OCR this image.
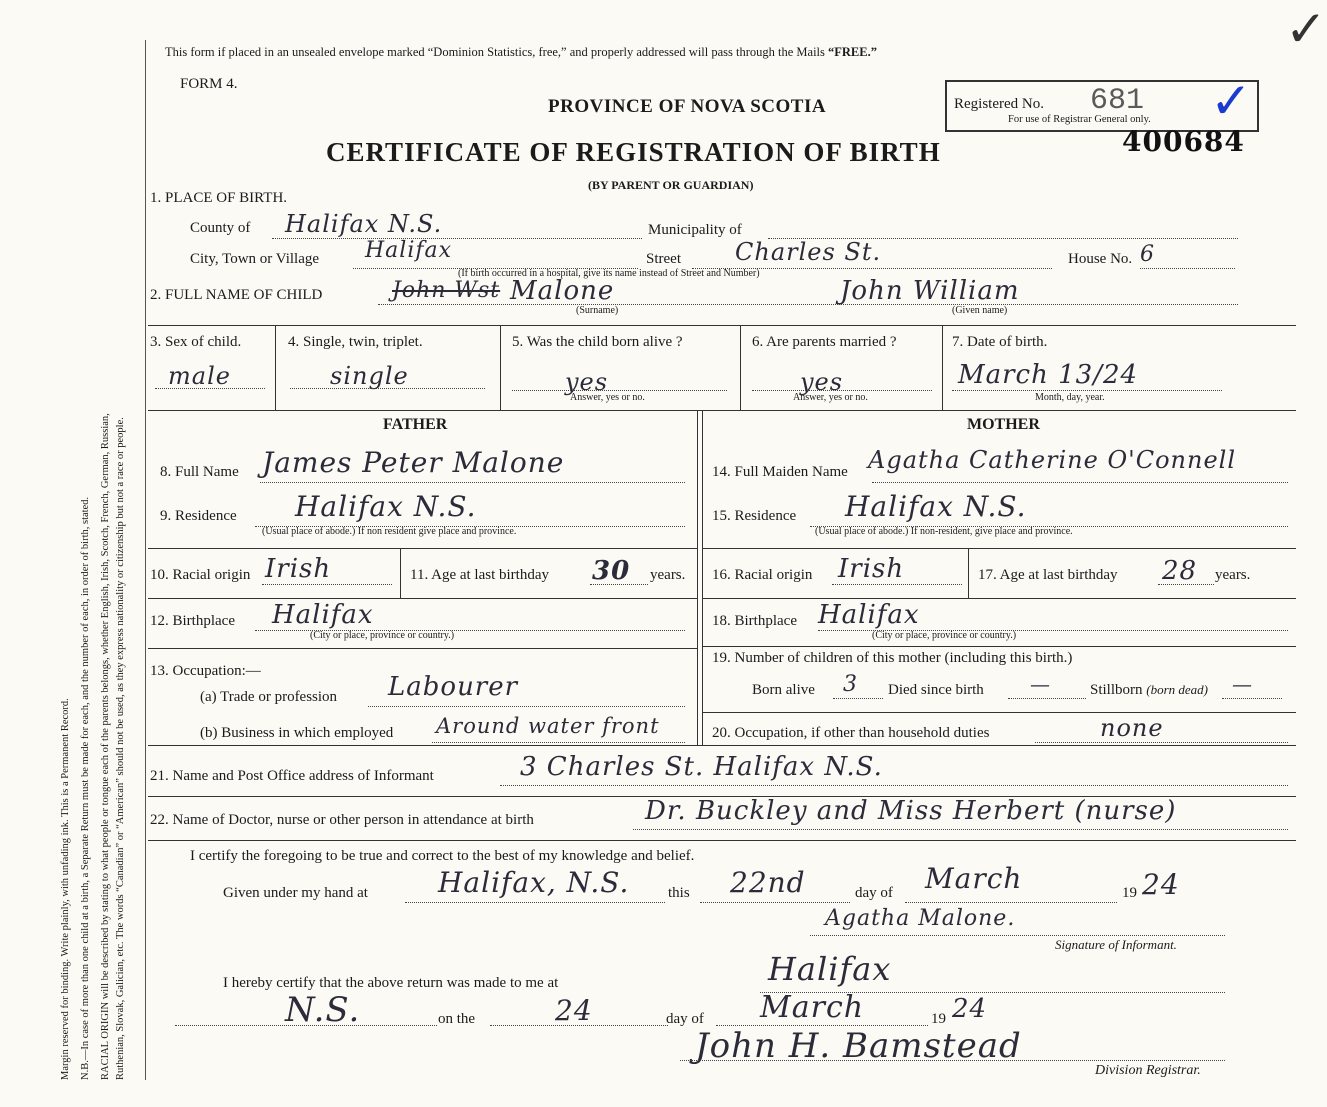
Margin reserved for binding. Write plainly, with unfading ink. This is a Permanent Record. N.B.—In case of more than one child at a birth, a Separate Return must be made for each, and the number of each, in order of birth, stated. RACIAL ORIGIN will be described by stating to what people or tongue each of the parents belongs, whether English, Irish, Scotch, French, German, Russian, Ruthenian, Slovak, Galician, etc. The words “Canadian” or “American” should not be used, as they express nationality or citizenship but not a race or people.
This form if placed in an unsealed envelope marked “Dominion Statistics, free,” and properly addressed will pass through the Mails “FREE.”
FORM 4.
PROVINCE OF NOVA SCOTIA
CERTIFICATE OF REGISTRATION OF BIRTH
(BY PARENT OR GUARDIAN)
Registered No. 681
For use of Registrar General only. ✓
✓
400684
1. PLACE OF BIRTH.
County of Halifax N.S.	Municipality of
City, Town or Village Halifax	Street Charles St.
(If birth occurred in a hospital, give its name instead of Street and Number)
House No. 6
2. FULL NAME OF CHILD	John Wst Malone	John William
(Surname)	(Given name)
3. Sex of child.
male
4. Single, twin, triplet.
single
5. Was the child born alive ?
yes
Answer, yes or no.
6. Are parents married ?
yes
Answer, yes or no.
7. Date of birth.
March 13/24
Month, day, year.
FATHER	MOTHER
8. Full Name James Peter Malone
9. Residence Halifax N.S.
(Usual place of abode.) If non resident give place and province.
10. Racial origin Irish	11. Age at last birthday 30 years.
12. Birthplace Halifax
(City or place, province or country.)
13. Occupation:—
(a) Trade or profession Labourer
(b) Business in which employed Around water front
14. Full Maiden Name Agatha Catherine O'Connell
15. Residence Halifax N.S.
(Usual place of abode.) If non-resident, give place and province.
16. Racial origin Irish	17. Age at last birthday 28 years.
18. Birthplace Halifax
(City or place, province or country.)
19. Number of children of this mother (including this birth.)
Born alive 3 Died since birth —	Stillborn (born dead) —
20. Occupation, if other than household duties	none
21. Name and Post Office address of Informant	3 Charles St. Halifax N.S.
22. Name of Doctor, nurse or other person in attendance at birth	Dr. Buckley and Miss Herbert (nurse)
I certify the foregoing to be true and correct to the best of my knowledge and belief.
Given under my hand at	Halifax, N.S.	this 22nd	day of March	19 24
Agatha Malone.
Signature of Informant.
I hereby certify that the above return was made to me at	Halifax
N.S.	on the	24	day of March	19 24
John H. Bamstead
Division Registrar.
